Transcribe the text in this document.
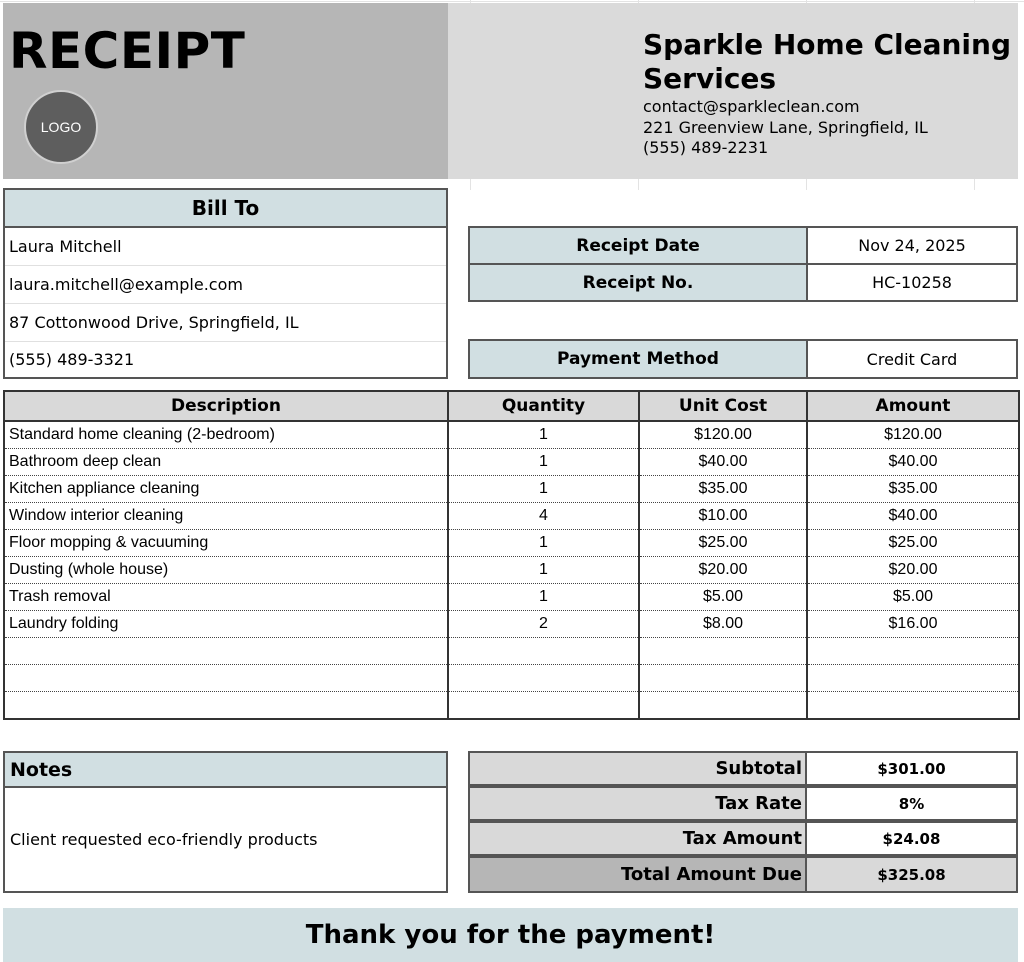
RECEIPT
LOGO
Sparkle Home Cleaning Services
contact@sparkleclean.com
221 Greenview Lane, Springfield, IL
(555) 489-2231
Bill To
Laura Mitchell
laura.mitchell@example.com
87 Cottonwood Drive, Springfield, IL
(555) 489-3321
Receipt Date	Nov 24, 2025
Receipt No.	HC-10258
Payment Method	Credit Card
Description	Quantity	Unit Cost	Amount
Standard home cleaning (2-bedroom)	1	$120.00	$120.00
Bathroom deep clean	1	$40.00	$40.00
Kitchen appliance cleaning	1	$35.00	$35.00
Window interior cleaning	4	$10.00	$40.00
Floor mopping & vacuuming	1	$25.00	$25.00
Dusting (whole house)	1	$20.00	$20.00
Trash removal	1	$5.00	$5.00
Laundry folding	2	$8.00	$16.00

Notes
Client requested eco-friendly products
Subtotal	$301.00
Tax Rate	8%
Tax Amount	$24.08
Total Amount Due	$325.08
Thank you for the payment!
